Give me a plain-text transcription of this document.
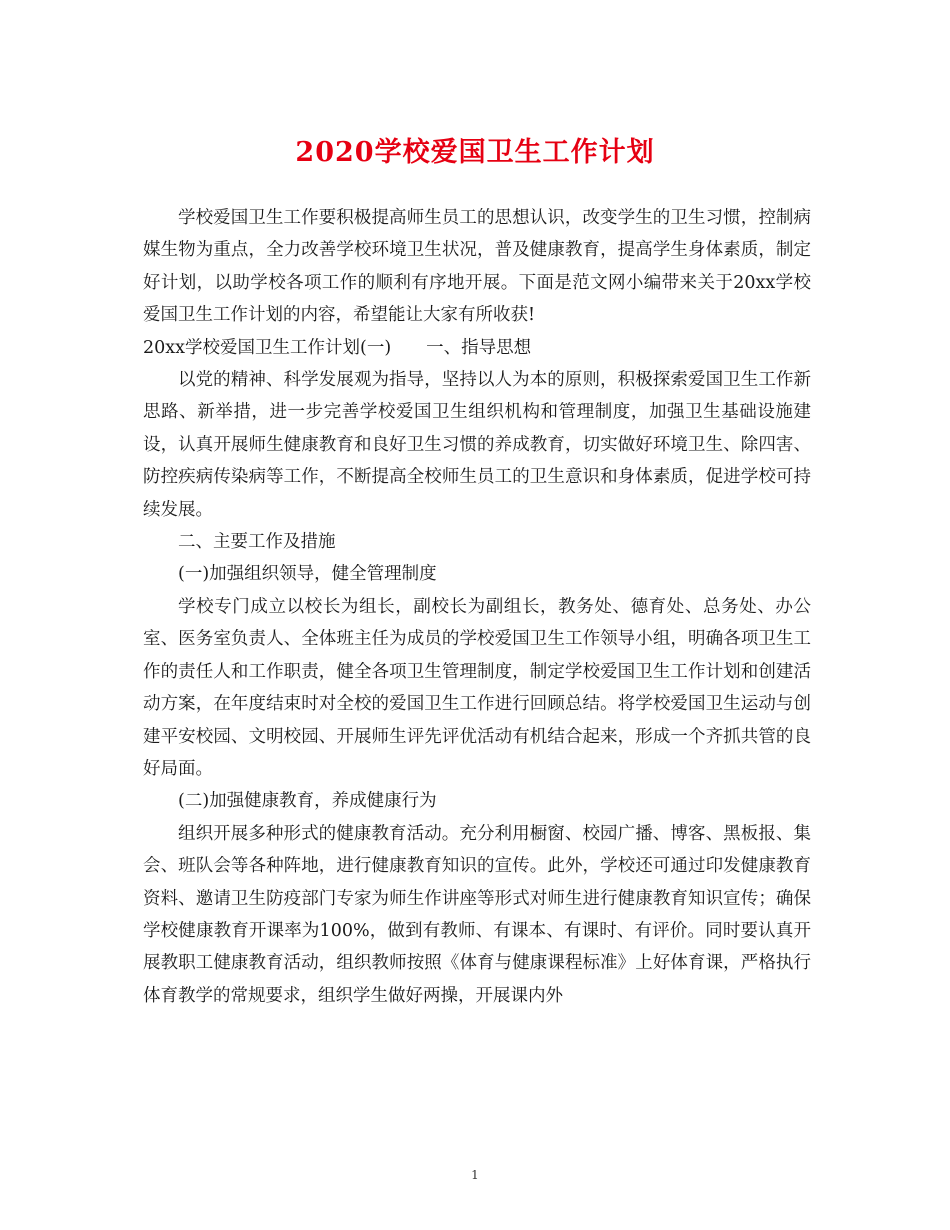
2020学校爱国卫生工作计划

学校爱国卫生工作要积极提高师生员工的思想认识，改变学生的卫生习惯，控制病媒生物为重点，全力改善学校环境卫生状况，普及健康教育，提高学生身体素质，制定好计划，以助学校各项工作的顺利有序地开展。下面是范文网小编带来关于20xx学校爱国卫生工作计划的内容，希望能让大家有所收获!

20xx学校爱国卫生工作计划(一)　　一、指导思想

以党的精神、科学发展观为指导，坚持以人为本的原则，积极探索爱国卫生工作新思路、新举措，进一步完善学校爱国卫生组织机构和管理制度，加强卫生基础设施建设，认真开展师生健康教育和良好卫生习惯的养成教育，切实做好环境卫生、除四害、防控疾病传染病等工作，不断提高全校师生员工的卫生意识和身体素质，促进学校可持续发展。

二、主要工作及措施

(一)加强组织领导，健全管理制度

学校专门成立以校长为组长，副校长为副组长，教务处、德育处、总务处、办公室、医务室负责人、全体班主任为成员的学校爱国卫生工作领导小组，明确各项卫生工作的责任人和工作职责，健全各项卫生管理制度，制定学校爱国卫生工作计划和创建活动方案，在年度结束时对全校的爱国卫生工作进行回顾总结。将学校爱国卫生运动与创建平安校园、文明校园、开展师生评先评优活动有机结合起来，形成一个齐抓共管的良好局面。

(二)加强健康教育，养成健康行为

组织开展多种形式的健康教育活动。充分利用橱窗、校园广播、博客、黑板报、集会、班队会等各种阵地，进行健康教育知识的宣传。此外，学校还可通过印发健康教育资料、邀请卫生防疫部门专家为师生作讲座等形式对师生进行健康教育知识宣传；确保学校健康教育开课率为100%，做到有教师、有课本、有课时、有评价。同时要认真开展教职工健康教育活动，组织教师按照《体育与健康课程标准》上好体育课，严格执行体育教学的常规要求，组织学生做好两操，开展课内外

1
